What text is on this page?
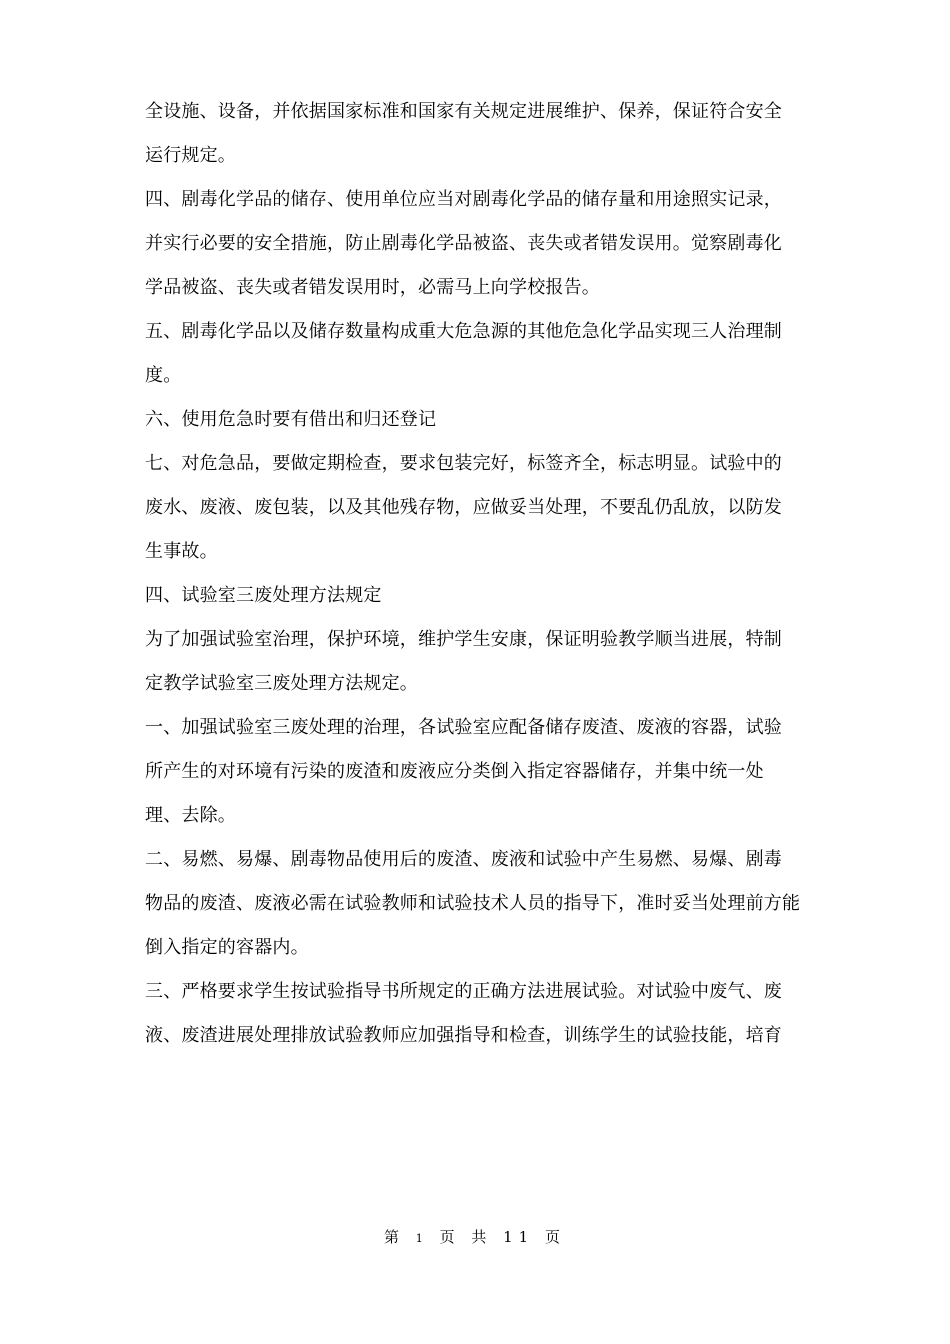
全设施、设备，并依据国家标准和国家有关规定进展维护、保养，保证符合安全

运行规定。

四、剧毒化学品的储存、使用单位应当对剧毒化学品的储存量和用途照实记录，

并实行必要的安全措施，防止剧毒化学品被盗、丧失或者错发误用。觉察剧毒化

学品被盗、丧失或者错发误用时，必需马上向学校报告。

五、剧毒化学品以及储存数量构成重大危急源的其他危急化学品实现三人治理制

度。

六、使用危急时要有借出和归还登记

七、对危急品，要做定期检查，要求包装完好，标签齐全，标志明显。试验中的

废水、废液、废包装，以及其他残存物，应做妥当处理，不要乱仍乱放，以防发

生事故。

四、试验室三废处理方法规定

为了加强试验室治理，保护环境，维护学生安康，保证明验教学顺当进展，特制

定教学试验室三废处理方法规定。

一、加强试验室三废处理的治理，各试验室应配备储存废渣、废液的容器，试验

所产生的对环境有污染的废渣和废液应分类倒入指定容器储存，并集中统一处

理、去除。

二、易燃、易爆、剧毒物品使用后的废渣、废液和试验中产生易燃、易爆、剧毒

物品的废渣、废液必需在试验教师和试验技术人员的指导下，准时妥当处理前方能

倒入指定的容器内。

三、严格要求学生按试验指导书所规定的正确方法进展试验。对试验中废气、废

液、废渣进展处理排放试验教师应加强指导和检查，训练学生的试验技能，培育

第 1 页 共 11 页
